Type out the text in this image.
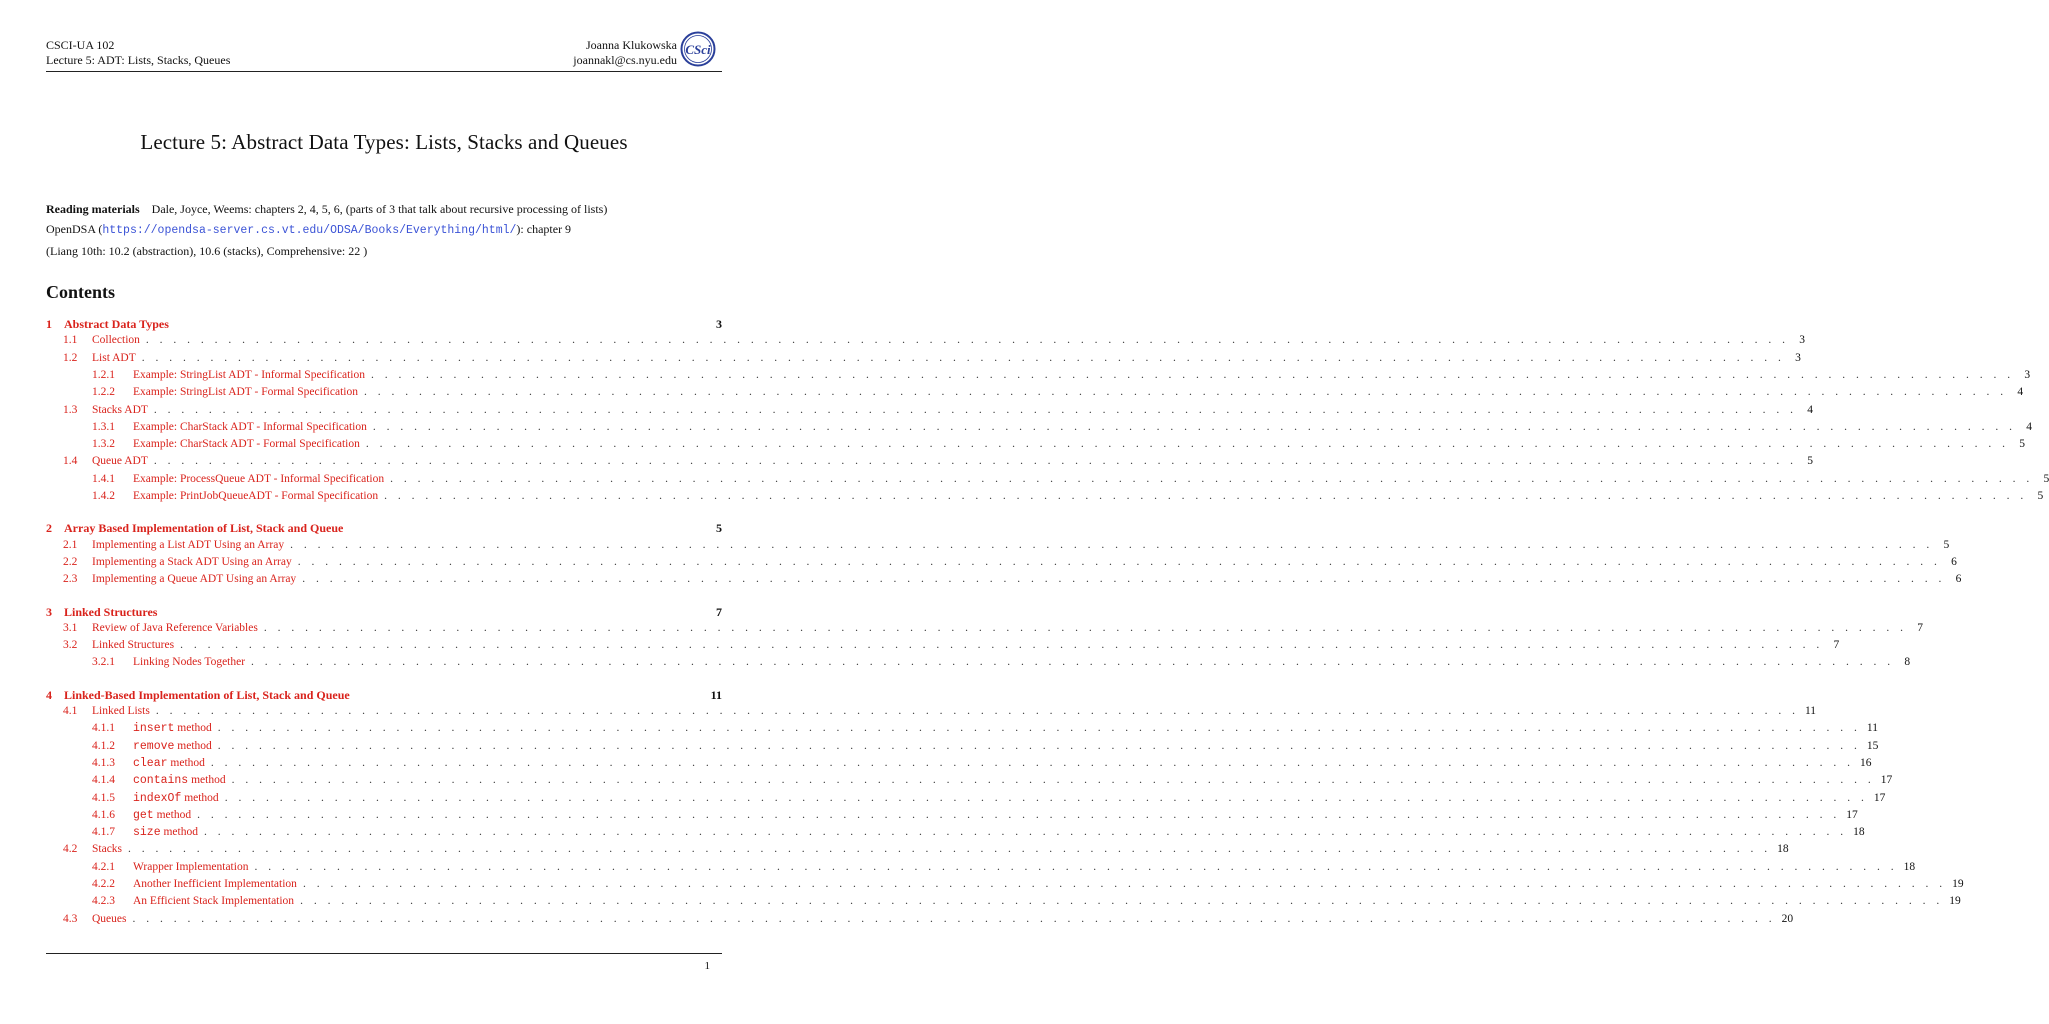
CSCI-UA 102
Lecture 5: ADT: Lists, Stacks, Queues
Joanna Klukowska
joannakl@cs.nyu.edu
CSci
Lecture 5: Abstract Data Types: Lists, Stacks and Queues
Reading materials Dale, Joyce, Weems: chapters 2, 4, 5, 6, (parts of 3 that talk about recursive processing of lists)
OpenDSA (https://opendsa-server.cs.vt.edu/ODSA/Books/Everything/html/): chapter 9
(Liang 10th: 10.2 (abstraction), 10.6 (stacks), Comprehensive: 22 )
Contents
1	Abstract Data Types	3
1.1	Collection . . . . . . . . . . . . . . . . . . . . . . . . . . . . . . . . . . . . . . . . . . . . . . . . . . . . . . . . . . . . . . . . . . . . . . . . . . . . . . . . . . . . . . . . . . . . . . . . . . . . . . . . . . . . . . . . . . . . . . . . 3
1.2	List ADT . . . . . . . . . . . . . . . . . . . . . . . . . . . . . . . . . . . . . . . . . . . . . . . . . . . . . . . . . . . . . . . . . . . . . . . . . . . . . . . . . . . . . . . . . . . . . . . . . . . . . . . . . . . . . . . . . . . . . . . . 3
1.2.1	Example: StringList ADT - Informal Specification . . . . . . . . . . . . . . . . . . . . . . . . . . . . . . . . . . . . . . . . . . . . . . . . . . . . . . . . . . . . . . . . . . . . . . . . . . . . . . . . . . . . . . . . . . . . . . . . . . . . . . . . . . . . . . . . . . . . . . . . 3
1.2.2	Example: StringList ADT - Formal Specification . . . . . . . . . . . . . . . . . . . . . . . . . . . . . . . . . . . . . . . . . . . . . . . . . . . . . . . . . . . . . . . . . . . . . . . . . . . . . . . . . . . . . . . . . . . . . . . . . . . . . . . . . . . . . . . . . . . . . . . . 4
1.3	Stacks ADT . . . . . . . . . . . . . . . . . . . . . . . . . . . . . . . . . . . . . . . . . . . . . . . . . . . . . . . . . . . . . . . . . . . . . . . . . . . . . . . . . . . . . . . . . . . . . . . . . . . . . . . . . . . . . . . . . . . . . . . . 4
1.3.1	Example: CharStack ADT - Informal Specification . . . . . . . . . . . . . . . . . . . . . . . . . . . . . . . . . . . . . . . . . . . . . . . . . . . . . . . . . . . . . . . . . . . . . . . . . . . . . . . . . . . . . . . . . . . . . . . . . . . . . . . . . . . . . . . . . . . . . . . . 4
1.3.2	Example: CharStack ADT - Formal Specification . . . . . . . . . . . . . . . . . . . . . . . . . . . . . . . . . . . . . . . . . . . . . . . . . . . . . . . . . . . . . . . . . . . . . . . . . . . . . . . . . . . . . . . . . . . . . . . . . . . . . . . . . . . . . . . . . . . . . . . . 5
1.4	Queue ADT . . . . . . . . . . . . . . . . . . . . . . . . . . . . . . . . . . . . . . . . . . . . . . . . . . . . . . . . . . . . . . . . . . . . . . . . . . . . . . . . . . . . . . . . . . . . . . . . . . . . . . . . . . . . . . . . . . . . . . . . 5
1.4.1	Example: ProcessQueue ADT - Informal Specification . . . . . . . . . . . . . . . . . . . . . . . . . . . . . . . . . . . . . . . . . . . . . . . . . . . . . . . . . . . . . . . . . . . . . . . . . . . . . . . . . . . . . . . . . . . . . . . . . . . . . . . . . . . . . . . . . . . . . . . . 5
1.4.2	Example: PrintJobQueueADT - Formal Specification . . . . . . . . . . . . . . . . . . . . . . . . . . . . . . . . . . . . . . . . . . . . . . . . . . . . . . . . . . . . . . . . . . . . . . . . . . . . . . . . . . . . . . . . . . . . . . . . . . . . . . . . . . . . . . . . . . . . . . . . 5
2	Array Based Implementation of List, Stack and Queue	5
2.1	Implementing a List ADT Using an Array . . . . . . . . . . . . . . . . . . . . . . . . . . . . . . . . . . . . . . . . . . . . . . . . . . . . . . . . . . . . . . . . . . . . . . . . . . . . . . . . . . . . . . . . . . . . . . . . . . . . . . . . . . . . . . . . . . . . . . . . 5
2.2	Implementing a Stack ADT Using an Array . . . . . . . . . . . . . . . . . . . . . . . . . . . . . . . . . . . . . . . . . . . . . . . . . . . . . . . . . . . . . . . . . . . . . . . . . . . . . . . . . . . . . . . . . . . . . . . . . . . . . . . . . . . . . . . . . . . . . . . . 6
2.3	Implementing a Queue ADT Using an Array . . . . . . . . . . . . . . . . . . . . . . . . . . . . . . . . . . . . . . . . . . . . . . . . . . . . . . . . . . . . . . . . . . . . . . . . . . . . . . . . . . . . . . . . . . . . . . . . . . . . . . . . . . . . . . . . . . . . . . . . 6
3	Linked Structures	7
3.1	Review of Java Reference Variables . . . . . . . . . . . . . . . . . . . . . . . . . . . . . . . . . . . . . . . . . . . . . . . . . . . . . . . . . . . . . . . . . . . . . . . . . . . . . . . . . . . . . . . . . . . . . . . . . . . . . . . . . . . . . . . . . . . . . . . . 7
3.2	Linked Structures . . . . . . . . . . . . . . . . . . . . . . . . . . . . . . . . . . . . . . . . . . . . . . . . . . . . . . . . . . . . . . . . . . . . . . . . . . . . . . . . . . . . . . . . . . . . . . . . . . . . . . . . . . . . . . . . . . . . . . . . 7
3.2.1	Linking Nodes Together . . . . . . . . . . . . . . . . . . . . . . . . . . . . . . . . . . . . . . . . . . . . . . . . . . . . . . . . . . . . . . . . . . . . . . . . . . . . . . . . . . . . . . . . . . . . . . . . . . . . . . . . . . . . . . . . . . . . . . . . 8
4	Linked-Based Implementation of List, Stack and Queue	11
4.1	Linked Lists . . . . . . . . . . . . . . . . . . . . . . . . . . . . . . . . . . . . . . . . . . . . . . . . . . . . . . . . . . . . . . . . . . . . . . . . . . . . . . . . . . . . . . . . . . . . . . . . . . . . . . . . . . . . . . . . . . . . . . . . 11
4.1.1	insert method . . . . . . . . . . . . . . . . . . . . . . . . . . . . . . . . . . . . . . . . . . . . . . . . . . . . . . . . . . . . . . . . . . . . . . . . . . . . . . . . . . . . . . . . . . . . . . . . . . . . . . . . . . . . . . . . . . . . . . . . 11
4.1.2	remove method . . . . . . . . . . . . . . . . . . . . . . . . . . . . . . . . . . . . . . . . . . . . . . . . . . . . . . . . . . . . . . . . . . . . . . . . . . . . . . . . . . . . . . . . . . . . . . . . . . . . . . . . . . . . . . . . . . . . . . . . 15
4.1.3	clear method . . . . . . . . . . . . . . . . . . . . . . . . . . . . . . . . . . . . . . . . . . . . . . . . . . . . . . . . . . . . . . . . . . . . . . . . . . . . . . . . . . . . . . . . . . . . . . . . . . . . . . . . . . . . . . . . . . . . . . . . 16
4.1.4	contains method . . . . . . . . . . . . . . . . . . . . . . . . . . . . . . . . . . . . . . . . . . . . . . . . . . . . . . . . . . . . . . . . . . . . . . . . . . . . . . . . . . . . . . . . . . . . . . . . . . . . . . . . . . . . . . . . . . . . . . . . 17
4.1.5	indexOf method . . . . . . . . . . . . . . . . . . . . . . . . . . . . . . . . . . . . . . . . . . . . . . . . . . . . . . . . . . . . . . . . . . . . . . . . . . . . . . . . . . . . . . . . . . . . . . . . . . . . . . . . . . . . . . . . . . . . . . . . 17
4.1.6	get method . . . . . . . . . . . . . . . . . . . . . . . . . . . . . . . . . . . . . . . . . . . . . . . . . . . . . . . . . . . . . . . . . . . . . . . . . . . . . . . . . . . . . . . . . . . . . . . . . . . . . . . . . . . . . . . . . . . . . . . . 17
4.1.7	size method . . . . . . . . . . . . . . . . . . . . . . . . . . . . . . . . . . . . . . . . . . . . . . . . . . . . . . . . . . . . . . . . . . . . . . . . . . . . . . . . . . . . . . . . . . . . . . . . . . . . . . . . . . . . . . . . . . . . . . . . 18
4.2	Stacks . . . . . . . . . . . . . . . . . . . . . . . . . . . . . . . . . . . . . . . . . . . . . . . . . . . . . . . . . . . . . . . . . . . . . . . . . . . . . . . . . . . . . . . . . . . . . . . . . . . . . . . . . . . . . . . . . . . . . . . . 18
4.2.1	Wrapper Implementation . . . . . . . . . . . . . . . . . . . . . . . . . . . . . . . . . . . . . . . . . . . . . . . . . . . . . . . . . . . . . . . . . . . . . . . . . . . . . . . . . . . . . . . . . . . . . . . . . . . . . . . . . . . . . . . . . . . . . . . . 18
4.2.2	Another Inefficient Implementation . . . . . . . . . . . . . . . . . . . . . . . . . . . . . . . . . . . . . . . . . . . . . . . . . . . . . . . . . . . . . . . . . . . . . . . . . . . . . . . . . . . . . . . . . . . . . . . . . . . . . . . . . . . . . . . . . . . . . . . . 19
4.2.3	An Efficient Stack Implementation . . . . . . . . . . . . . . . . . . . . . . . . . . . . . . . . . . . . . . . . . . . . . . . . . . . . . . . . . . . . . . . . . . . . . . . . . . . . . . . . . . . . . . . . . . . . . . . . . . . . . . . . . . . . . . . . . . . . . . . . 19
4.3	Queues . . . . . . . . . . . . . . . . . . . . . . . . . . . . . . . . . . . . . . . . . . . . . . . . . . . . . . . . . . . . . . . . . . . . . . . . . . . . . . . . . . . . . . . . . . . . . . . . . . . . . . . . . . . . . . . . . . . . . . . . 20
1
